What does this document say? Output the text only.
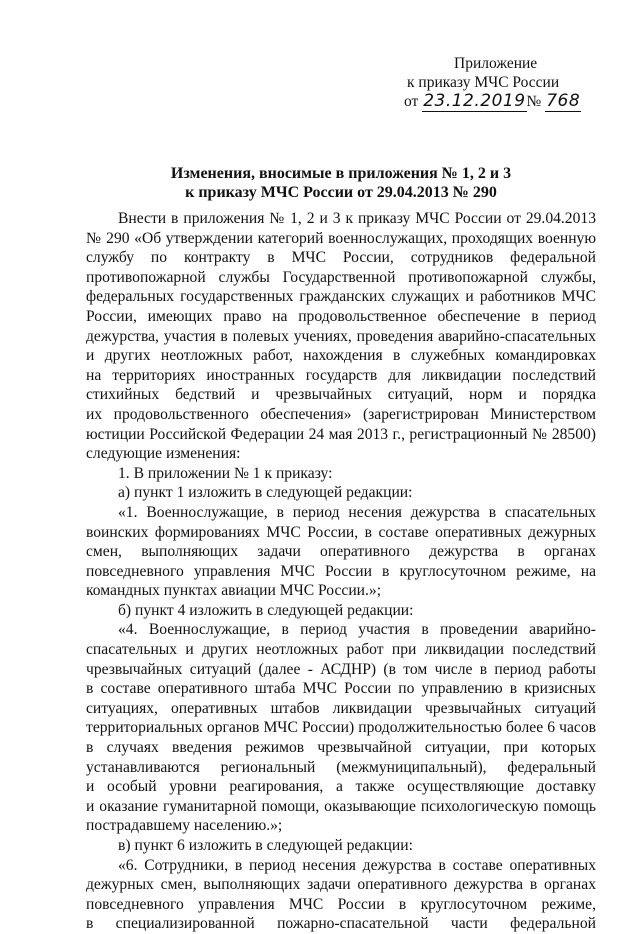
Приложение
к приказу МЧС России
от 23.12.2019№ 768
Изменения, вносимые в приложения № 1, 2 и 3
к приказу МЧС России от 29.04.2013 № 290
Внести в приложения № 1, 2 и 3 к приказу МЧС России от 29.04.2013
№ 290 «Об утверждении категорий военнослужащих, проходящих военную
службу по контракту в МЧС России, сотрудников федеральной
противопожарной службы Государственной противопожарной службы,
федеральных государственных гражданских служащих и работников МЧС
России, имеющих право на продовольственное обеспечение в период
дежурства, участия в полевых учениях, проведения аварийно-спасательных
и других неотложных работ, нахождения в служебных командировках
на территориях иностранных государств для ликвидации последствий
стихийных бедствий и чрезвычайных ситуаций, норм и порядка
их продовольственного обеспечения» (зарегистрирован Министерством
юстиции Российской Федерации 24 мая 2013 г., регистрационный № 28500)
следующие изменения:
1. В приложении № 1 к приказу:
а) пункт 1 изложить в следующей редакции:
«1. Военнослужащие, в период несения дежурства в спасательных
воинских формированиях МЧС России, в составе оперативных дежурных
смен, выполняющих задачи оперативного дежурства в органах
повседневного управления МЧС России в круглосуточном режиме, на
командных пунктах авиации МЧС России.»;
б) пункт 4 изложить в следующей редакции:
«4. Военнослужащие, в период участия в проведении аварийно-
спасательных и других неотложных работ при ликвидации последствий
чрезвычайных ситуаций (далее - АСДНР) (в том числе в период работы
в составе оперативного штаба МЧС России по управлению в кризисных
ситуациях, оперативных штабов ликвидации чрезвычайных ситуаций
территориальных органов МЧС России) продолжительностью более 6 часов
в случаях введения режимов чрезвычайной ситуации, при которых
устанавливаются региональный (межмуниципальный), федеральный
и особый уровни реагирования, а также осуществляющие доставку
и оказание гуманитарной помощи, оказывающие психологическую помощь
пострадавшему населению.»;
в) пункт 6 изложить в следующей редакции:
«6. Сотрудники, в период несения дежурства в составе оперативных
дежурных смен, выполняющих задачи оперативного дежурства в органах
повседневного управления МЧС России в круглосуточном режиме,
в специализированной пожарно-спасательной части федеральной
